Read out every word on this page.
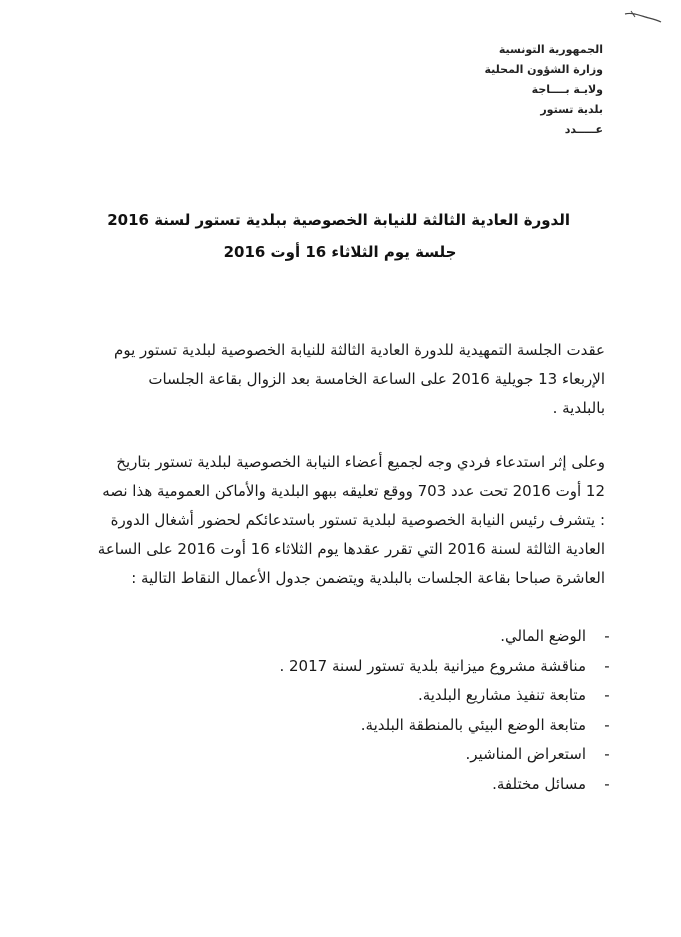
الجمهورية التونسية
وزارة الشؤون المحلية
ولايـة بــــاجة
بلدية تستور
عـــــدد
الدورة العادية الثالثة للنيابة الخصوصية ببلدية تستور لسنة 2016
جلسة يوم الثلاثاء 16 أوت 2016
عقدت الجلسة التمهيدية للدورة العادية الثالثة للنيابة الخصوصية لبلدية تستور يوم
الإربعاء 13 جويلية 2016 على الساعة الخامسة بعد الزوال بقاعة الجلسات
بالبلدية .
وعلى إثر استدعاء فردي وجه لجميع أعضاء النيابة الخصوصية لبلدية تستور بتاريخ
12 أوت 2016 تحت عدد 703 ووقع تعليقه ببهو البلدية والأماكن العمومية هذا نصه
: يتشرف رئيس النيابة الخصوصية لبلدية تستور باستدعائكم لحضور أشغال الدورة
العادية الثالثة لسنة 2016 التي تقرر عقدها يوم الثلاثاء 16 أوت 2016 على الساعة
العاشرة صباحا بقاعة الجلسات بالبلدية ويتضمن جدول الأعمال النقاط التالية :
-
الوضع المالي.
-
مناقشة مشروع ميزانية بلدية تستور لسنة 2017 .
-
متابعة تنفيذ مشاريع البلدية.
-
متابعة الوضع البيئي بالمنطقة البلدية.
-
استعراض المناشير.
-
مسائل مختلفة.
